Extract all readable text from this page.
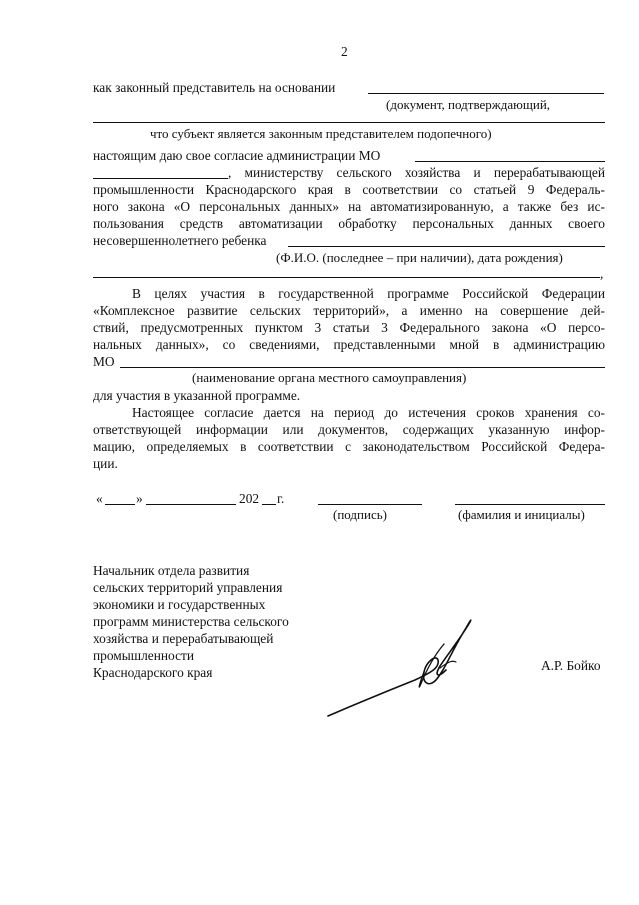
2
как законный представитель на основании
(документ, подтверждающий,
что субъект является законным представителем подопечного)
настоящим даю свое согласие администрации МО
, министерству сельского хозяйства и перерабатывающей
промышленности Краснодарского края в соответствии со статьей 9 Федераль-
ного закона «О персональных данных» на автоматизированную, а также без ис-
пользования средств автоматизации обработку персональных данных своего
несовершеннолетнего ребенка
(Ф.И.О. (последнее – при наличии), дата рождения)
,
В целях участия в государственной программе Российской Федерации
«Комплексное развитие сельских территорий», а именно на совершение дей-
ствий, предусмотренных пунктом 3 статьи 3 Федерального закона «О персо-
нальных данных», со сведениями, представленными мной в администрацию
МО
(наименование органа местного самоуправления)
для участия в указанной программе.
Настоящее согласие дается на период до истечения сроков хранения со-
ответствующей информации или документов, содержащих указанную инфор-
мацию, определяемых в соответствии с законодательством Российской Федера-
ции.
« »	202 г.
(подпись)	(фамилия и инициалы)
Начальник отдела развития
сельских территорий управления
экономики и государственных
программ министерства сельского
хозяйства и перерабатывающей
промышленности
Краснодарского края	А.Р. Бойко
